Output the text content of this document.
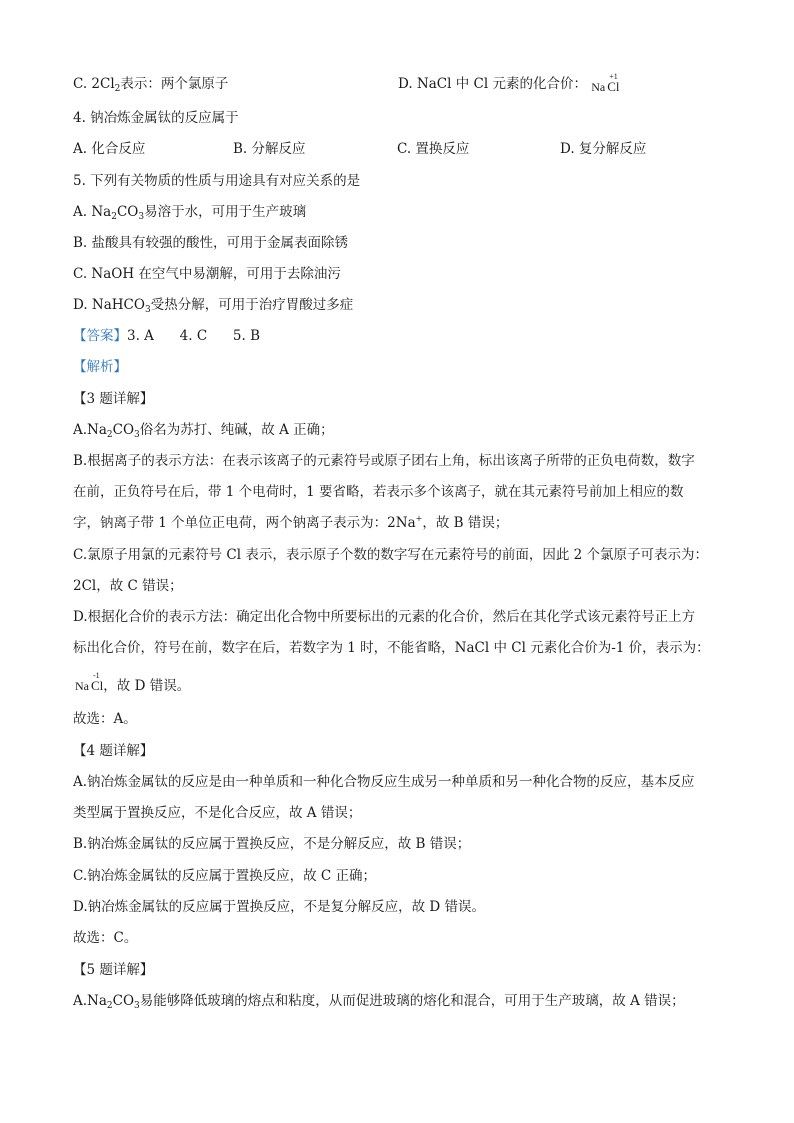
C. $2Cl_2$表示：两个氯原子	D. NaCl 中 Cl 元素的化合价： Na
+1
Cl
4. 钠冶炼金属钛的反应属于
A. 化合反应	B. 分解反应	C. 置换反应	D. 复分解反应
5. 下列有关物质的性质与用途具有对应关系的是
A. $Na_2CO_3$易溶于水，可用于生产玻璃
B. 盐酸具有较强的酸性，可用于金属表面除锈
C. NaOH 在空气中易潮解，可用于去除油污
D. NaHCO$_3$受热分解，可用于治疗胃酸过多症
【答案】3. A      4. C      5. B
【解析】
【3 题详解】
$A.Na_2CO_3$俗名为苏打、纯碱，故 A 正确；
B.根据离子的表示方法：在表示该离子的元素符号或原子团右上角，标出该离子所带的正负电荷数，数字
在前，正负符号在后，带 1 个电荷时，1 要省略，若表示多个该离子，就在其元素符号前加上相应的数
字，钠离子带 1 个单位正电荷，两个钠离子表示为：2Na+，故 B 错误；
C.氯原子用氯的元素符号 Cl 表示，表示原子个数的数字写在元素符号的前面，因此 2 个氯原子可表示为：
2Cl，故 C 错误；
D.根据化合价的表示方法：确定出化合物中所要标出的元素的化合价，然后在其化学式该元素符号正上方
标出化合价，符号在前，数字在后，若数字为 1 时，不能省略，NaCl 中 Cl 元素化合价为-1 价，表示为：
Na
-1
Cl，故 D 错误。
故选：A。
【4 题详解】
A.钠冶炼金属钛的反应是由一种单质和一种化合物反应生成另一种单质和另一种化合物的反应，基本反应
类型属于置换反应，不是化合反应，故 A 错误；
B.钠冶炼金属钛的反应属于置换反应，不是分解反应，故 B 错误；
C.钠冶炼金属钛的反应属于置换反应，故 C 正确；
D.钠冶炼金属钛的反应属于置换反应，不是复分解反应，故 D 错误。
故选：C。
【5 题详解】
$A.Na_2CO_3$易能够降低玻璃的熔点和粘度，从而促进玻璃的熔化和混合，可用于生产玻璃，故 A 错误；
